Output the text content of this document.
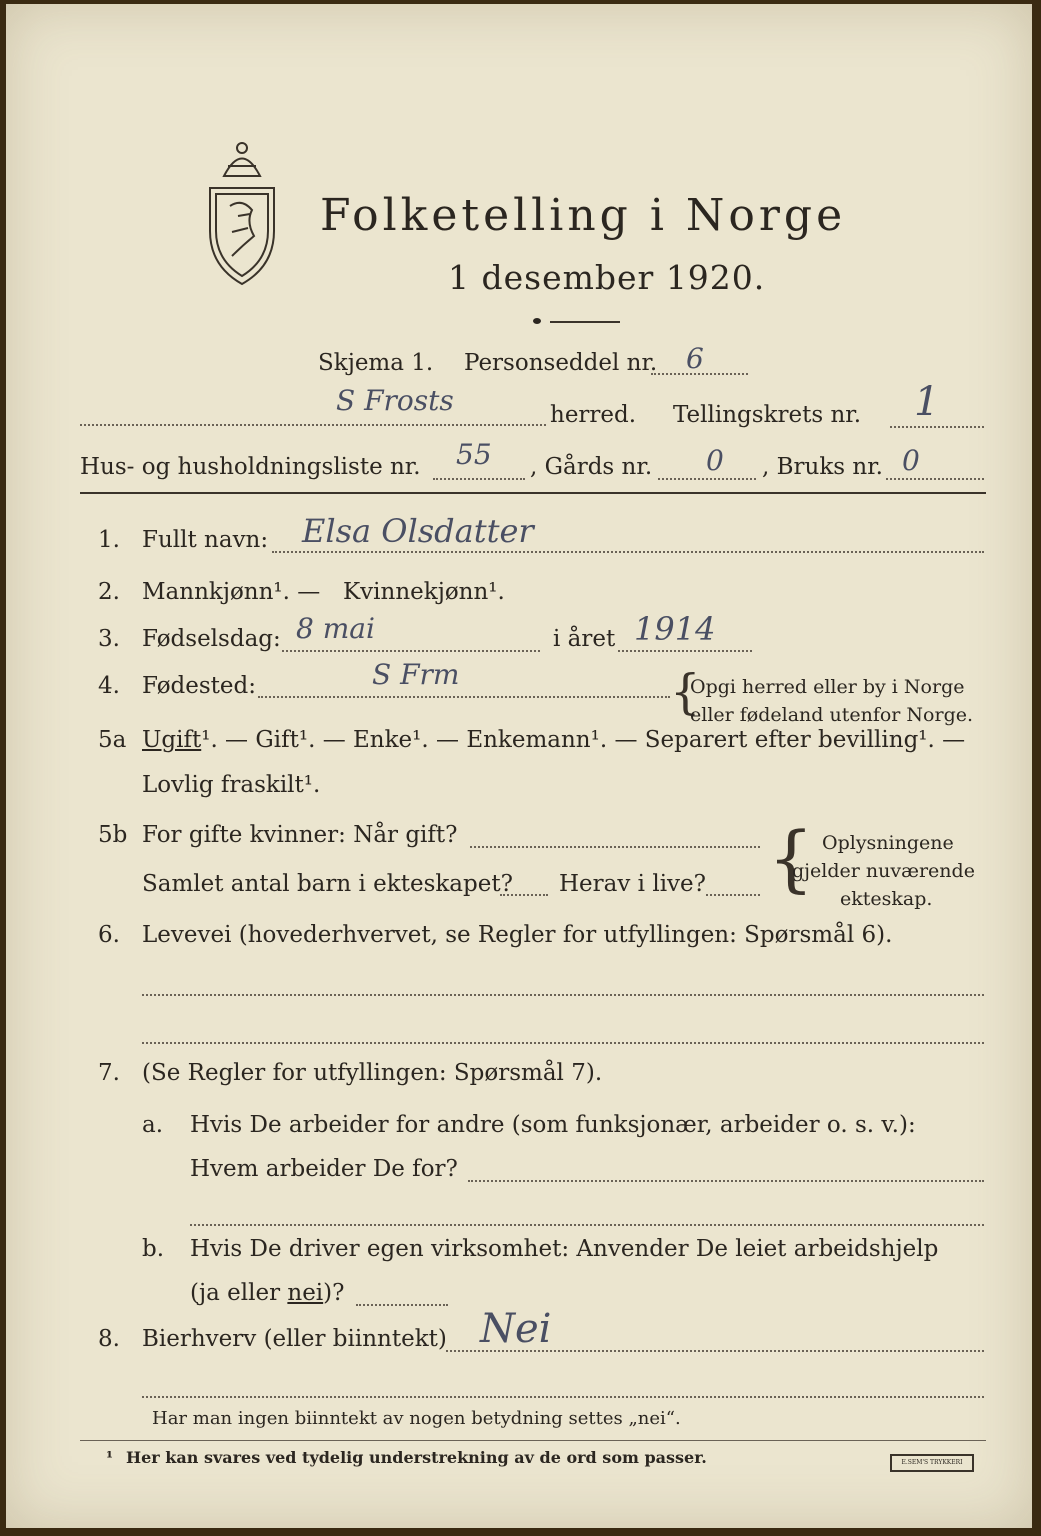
Folketelling i Norge
1 desember 1920.
Skjema 1. Personseddel nr. 6
S Frosts	herred. Tellingskrets nr. 1
Hus- og husholdningsliste nr. 55 , Gårds nr. 0 , Bruks nr. 0
1. Fullt navn: Elsa Olsdatter
2. Mannkjønn¹. — Kvinnekjønn¹.
3. Fødselsdag: 8 mai	i året 1914
4. Fødested:	S Frm	{
Opgi herred eller by i Norge
eller fødeland utenfor Norge.
5a Ugift¹. — Gift¹. — Enke¹. — Enkemann¹. — Separert efter bevilling¹. —
Lovlig fraskilt¹.
5b For gifte kvinner: Når gift?
Samlet antal barn i ekteskapet? Herav i live? { Oplysningene
gjelder nuværende
ekteskap.
6. Levevei (hovederhvervet, se Regler for utfyllingen: Spørsmål 6).
7. (Se Regler for utfyllingen: Spørsmål 7).
a. Hvis De arbeider for andre (som funksjonær, arbeider o. s. v.):
Hvem arbeider De for?
b. Hvis De driver egen virksomhet: Anvender De leiet arbeidshjelp
(ja eller nei)?
8. Bierhverv (eller biinntekt) Nei
Har man ingen biinntekt av nogen betydning settes „nei“.
¹ Her kan svares ved tydelig understrekning av de ord som passer.	E.SEM'S TRYKKERI
